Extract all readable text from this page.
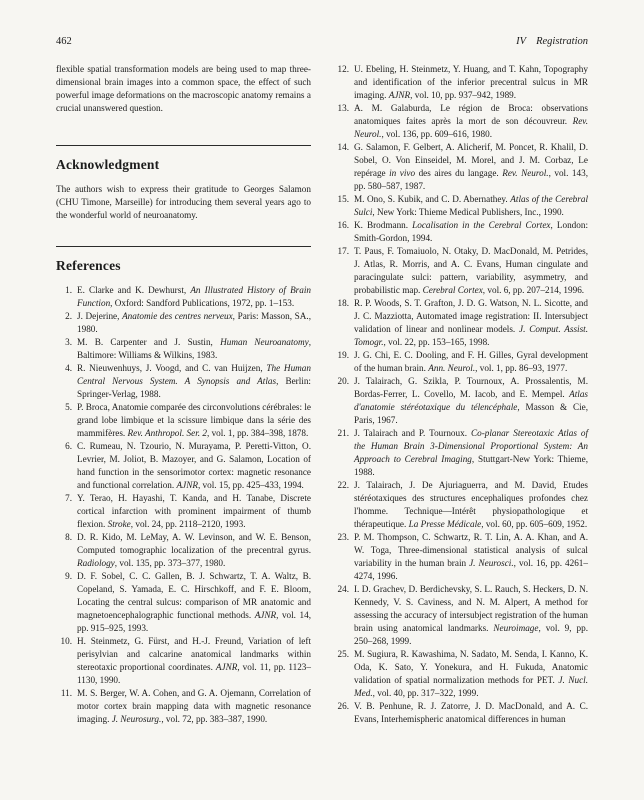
462	IV Registration

flexible spatial transformation models are being used to map three-dimensional brain images into a common space, the effect of such powerful image deformations on the macroscopic anatomy remains a crucial unanswered question.

Acknowledgment

The authors wish to express their gratitude to Georges Salamon (CHU Timone, Marseille) for introducing them several years ago to the wonderful world of neuroanatomy.

References
1. E. Clarke and K. Dewhurst, An Illustrated History of Brain Function, Oxford: Sandford Publications, 1972, pp. 1–153.
2. J. Dejerine, Anatomie des centres nerveux, Paris: Masson, SA., 1980.
3. M. B. Carpenter and J. Sustin, Human Neuroanatomy, Baltimore: Williams & Wilkins, 1983.
4. R. Nieuwenhuys, J. Voogd, and C. van Huijzen, The Human Central Nervous System. A Synopsis and Atlas, Berlin: Springer-Verlag, 1988.
5. P. Broca, Anatomie comparée des circonvolutions cérébrales: le grand lobe limbique et la scissure limbique dans la série des mammifères. Rev. Anthropol. Ser. 2, vol. 1, pp. 384–398, 1878.
6. C. Rumeau, N. Tzourio, N. Murayama, P. Peretti-Vitton, O. Levrier, M. Joliot, B. Mazoyer, and G. Salamon, Location of hand function in the sensorimotor cortex: magnetic resonance and functional correlation. AJNR, vol. 15, pp. 425–433, 1994.
7. Y. Terao, H. Hayashi, T. Kanda, and H. Tanabe, Discrete cortical infarction with prominent impairment of thumb flexion. Stroke, vol. 24, pp. 2118–2120, 1993.
8. D. R. Kido, M. LeMay, A. W. Levinson, and W. E. Benson, Computed tomographic localization of the precentral gyrus. Radiology, vol. 135, pp. 373–377, 1980.
9. D. F. Sobel, C. C. Gallen, B. J. Schwartz, T. A. Waltz, B. Copeland, S. Yamada, E. C. Hirschkoff, and F. E. Bloom, Locating the central sulcus: comparison of MR anatomic and magnetoencephalographic functional methods. AJNR, vol. 14, pp. 915–925, 1993.
10. H. Steinmetz, G. Fürst, and H.-J. Freund, Variation of left perisylvian and calcarine anatomical landmarks within stereotaxic proportional coordinates. AJNR, vol. 11, pp. 1123–1130, 1990.
11. M. S. Berger, W. A. Cohen, and G. A. Ojemann, Correlation of motor cortex brain mapping data with magnetic resonance imaging. J. Neurosurg., vol. 72, pp. 383–387, 1990.
12. U. Ebeling, H. Steinmetz, Y. Huang, and T. Kahn, Topography and identification of the inferior precentral sulcus in MR imaging. AJNR, vol. 10, pp. 937–942, 1989.
13. A. M. Galaburda, Le région de Broca: observations anatomiques faites après la mort de son découvreur. Rev. Neurol., vol. 136, pp. 609–616, 1980.
14. G. Salamon, F. Gelbert, A. Alicherif, M. Poncet, R. Khalil, D. Sobel, O. Von Einseidel, M. Morel, and J. M. Corbaz, Le repérage in vivo des aires du langage. Rev. Neurol., vol. 143, pp. 580–587, 1987.
15. M. Ono, S. Kubik, and C. D. Abernathey. Atlas of the Cerebral Sulci, New York: Thieme Medical Publishers, Inc., 1990.
16. K. Brodmann. Localisation in the Cerebral Cortex, London: Smith-Gordon, 1994.
17. T. Paus, F. Tomaiuolo, N. Otaky, D. MacDonald, M. Petrides, J. Atlas, R. Morris, and A. C. Evans, Human cingulate and paracingulate sulci: pattern, variability, asymmetry, and probabilistic map. Cerebral Cortex, vol. 6, pp. 207–214, 1996.
18. R. P. Woods, S. T. Grafton, J. D. G. Watson, N. L. Sicotte, and J. C. Mazziotta, Automated image registration: II. Intersubject validation of linear and nonlinear models. J. Comput. Assist. Tomogr., vol. 22, pp. 153–165, 1998.
19. J. G. Chi, E. C. Dooling, and F. H. Gilles, Gyral development of the human brain. Ann. Neurol., vol. 1, pp. 86–93, 1977.
20. J. Talairach, G. Szikla, P. Tournoux, A. Prossalentis, M. Bordas-Ferrer, L. Covello, M. Iacob, and E. Mempel. Atlas d'anatomie stéréotaxique du télencéphale, Masson & Cie, Paris, 1967.
21. J. Talairach and P. Tournoux. Co-planar Stereotaxic Atlas of the Human Brain 3-Dimensional Proportional System: An Approach to Cerebral Imaging, Stuttgart-New York: Thieme, 1988.
22. J. Talairach, J. De Ajuriaguerra, and M. David, Etudes stéréotaxiques des structures encephaliques profondes chez l'homme. Technique—Intérêt physiopathologique et thérapeutique. La Presse Médicale, vol. 60, pp. 605–609, 1952.
23. P. M. Thompson, C. Schwartz, R. T. Lin, A. A. Khan, and A. W. Toga, Three-dimensional statistical analysis of sulcal variability in the human brain J. Neurosci., vol. 16, pp. 4261–4274, 1996.
24. I. D. Grachev, D. Berdichevsky, S. L. Rauch, S. Heckers, D. N. Kennedy, V. S. Caviness, and N. M. Alpert, A method for assessing the accuracy of intersubject registration of the human brain using anatomical landmarks. Neuroimage, vol. 9, pp. 250–268, 1999.
25. M. Sugiura, R. Kawashima, N. Sadato, M. Senda, I. Kanno, K. Oda, K. Sato, Y. Yonekura, and H. Fukuda, Anatomic validation of spatial normalization methods for PET. J. Nucl. Med., vol. 40, pp. 317–322, 1999.
26. V. B. Penhune, R. J. Zatorre, J. D. MacDonald, and A. C. Evans, Interhemispheric anatomical differences in human
